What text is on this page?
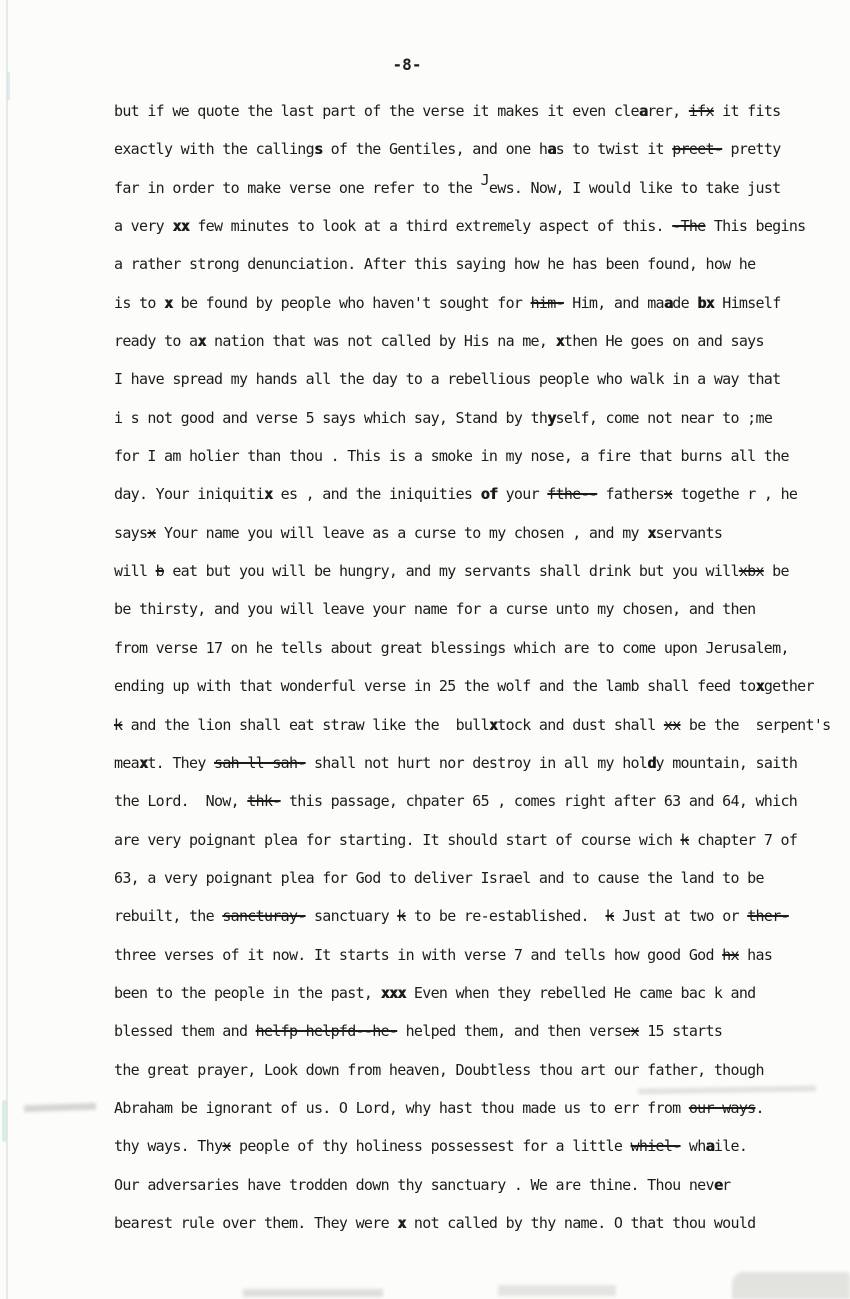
-8-
but if we quote the last part of the verse it makes it even clearer, ifx it fits
exactly with the callings of the Gentiles, and one has to twist it preet- pretty
far in order to make verse one refer to the Jews. Now, I would like to take just
a very xx few minutes to look at a third extremely aspect of this. -The This begins
a rather strong denunciation. After this saying how he has been found, how he
is to x be found by people who haven't sought for him- Him, and maade bx Himself
ready to ax nation that was not called by His na me, xthen He goes on and says
I have spread my hands all the day to a rebellious people who walk in a way that
i s not good and verse 5 says which say, Stand by thyself, come not near to ;me
for I am holier than thou . This is a smoke in my nose, a fire that burns all the
day. Your iniquitix es , and the iniquities of your fthe-- fathersx togethe r , he
saysx Your name you will leave as a curse to my chosen , and my xservants
will b eat but you will be hungry, and my servants shall drink but you willxbx be
be thirsty, and you will leave your name for a curse unto my chosen, and then
from verse 17 on he tells about great blessings which are to come upon Jerusalem,
ending up with that wonderful verse in 25 the wolf and the lamb shall feed toxgether
k and the lion shall eat straw like the  bullxtock and dust shall xx be the  serpent's
meaxt. They sah ll sah- shall not hurt nor destroy in all my holdy mountain, saith
the Lord.  Now, thk- this passage, chpater 65 , comes right after 63 and 64, which
are very poignant plea for starting. It should start of course wich k chapter 7 of
63, a very poignant plea for God to deliver Israel and to cause the land to be
rebuilt, the sancturay- sanctuary k to be re-established.  k Just at two or ther-
three verses of it now. It starts in with verse 7 and tells how good God hx has
been to the people in the past, xxx Even when they rebelled He came bac k and
blessed them and helfp helpfd--he- helped them, and then versex 15 starts
the great prayer, Look down from heaven, Doubtless thou art our father, though
Abraham be ignorant of us. O Lord, why hast thou made us to err from our ways.
thy ways. Thyx people of thy holiness possessest for a little whiel- whaile.
Our adversaries have trodden down thy sanctuary . We are thine. Thou never
bearest rule over them. They were x not called by thy name. O that thou would
